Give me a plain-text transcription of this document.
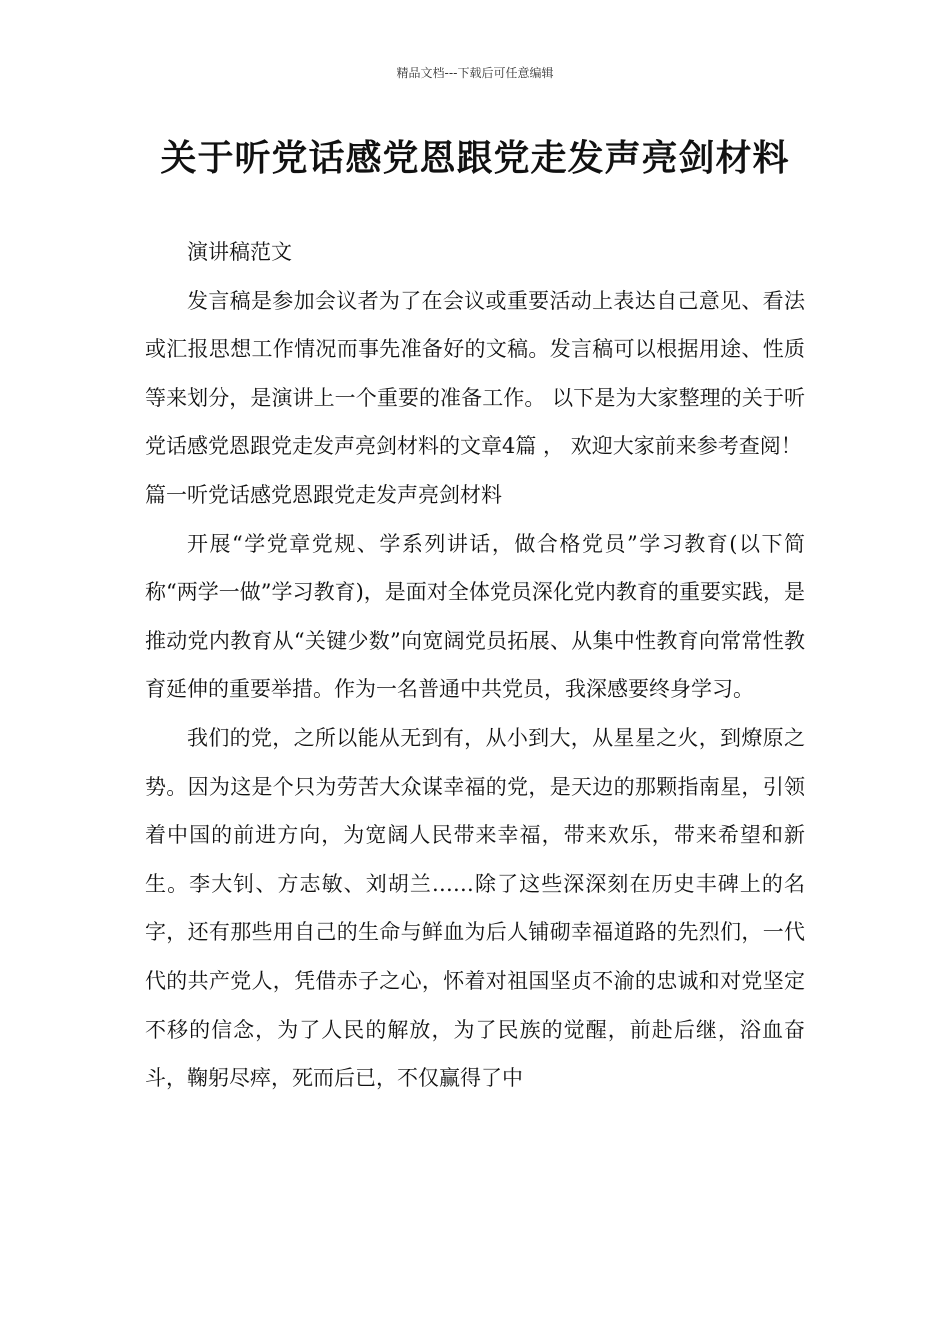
精品文档---下载后可任意编辑
关于听党话感党恩跟党走发声亮剑材料

演讲稿范文

发言稿是参加会议者为了在会议或重要活动上表达自己意见、看法或汇报思想工作情况而事先准备好的文稿。发言稿可以根据用途、性质等来划分，是演讲上一个重要的准备工作。 以下是为大家整理的关于听党话感党恩跟党走发声亮剑材料的文章4篇 ， 欢迎大家前来参考查阅！

篇一听党话感党恩跟党走发声亮剑材料

开展“学党章党规、学系列讲话，做合格党员”学习教育(以下简称“两学一做”学习教育)，是面对全体党员深化党内教育的重要实践，是推动党内教育从“关键少数”向宽阔党员拓展、从集中性教育向常常性教育延伸的重要举措。作为一名普通中共党员，我深感要终身学习。

我们的党，之所以能从无到有，从小到大，从星星之火，到燎原之势。因为这是个只为劳苦大众谋幸福的党，是天边的那颗指南星，引领着中国的前进方向，为宽阔人民带来幸福，带来欢乐，带来希望和新生。李大钊、方志敏、刘胡兰……除了这些深深刻在历史丰碑上的名字，还有那些用自己的生命与鲜血为后人铺砌幸福道路的先烈们，一代代的共产党人，凭借赤子之心，怀着对祖国坚贞不渝的忠诚和对党坚定不移的信念，为了人民的解放，为了民族的觉醒，前赴后继，浴血奋斗，鞠躬尽瘁，死而后已，不仅赢得了中
